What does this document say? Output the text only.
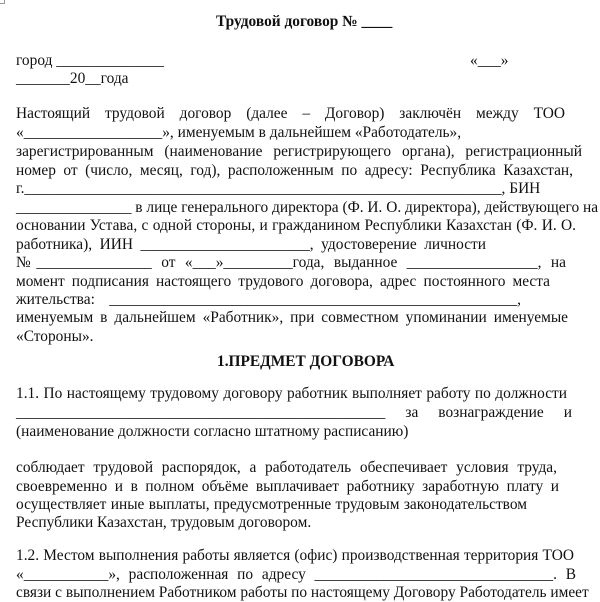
Трудовой договор № ____
город ______________	«___»
_______20__года
Настоящий трудовой договор (далее – Договор) заключён между ТОО
«__________________», именуемым в дальнейшем «Работодатель»,
зарегистрированным (наименование регистрирующего органа), регистрационный
номер от (число, месяц, год), расположенным по адресу: Республика Казахстан,
г.______________________________________________________________, БИН
_______________ в лице генерального директора (Ф. И. О. директора), действующего на
основании Устава, с одной стороны, и гражданином Республики Казахстан (Ф. И. О.
работника), ИИН ______________________, удостоверение личности
№_______________ от «___»_________года, выданное _________________, на
момент подписания настоящего трудового договора, адрес постоянного места
жительства: _____________________________________________________,
именуемым в дальнейшем «Работник», при совместном упоминании именуемые
«Стороны».
1.ПРЕДМЕТ ДОГОВОРА
1.1. По настоящему трудовому договору работник выполняет работу по должности
________________________________________________ за вознаграждение и
(наименование должности согласно штатному расписанию)
соблюдает трудовой распорядок, а работодатель обеспечивает условия труда,
своевременно и в полном объёме выплачивает работнику заработную плату и
осуществляет иные выплаты, предусмотренные трудовым законодательством
Республики Казахстан, трудовым договором.
1.2. Местом выполнения работы является (офис) производственная территория ТОО
«___________», расположенная по адресу _______________________________. В
связи с выполнением Работником работы по настоящему Договору Работодатель имеет
